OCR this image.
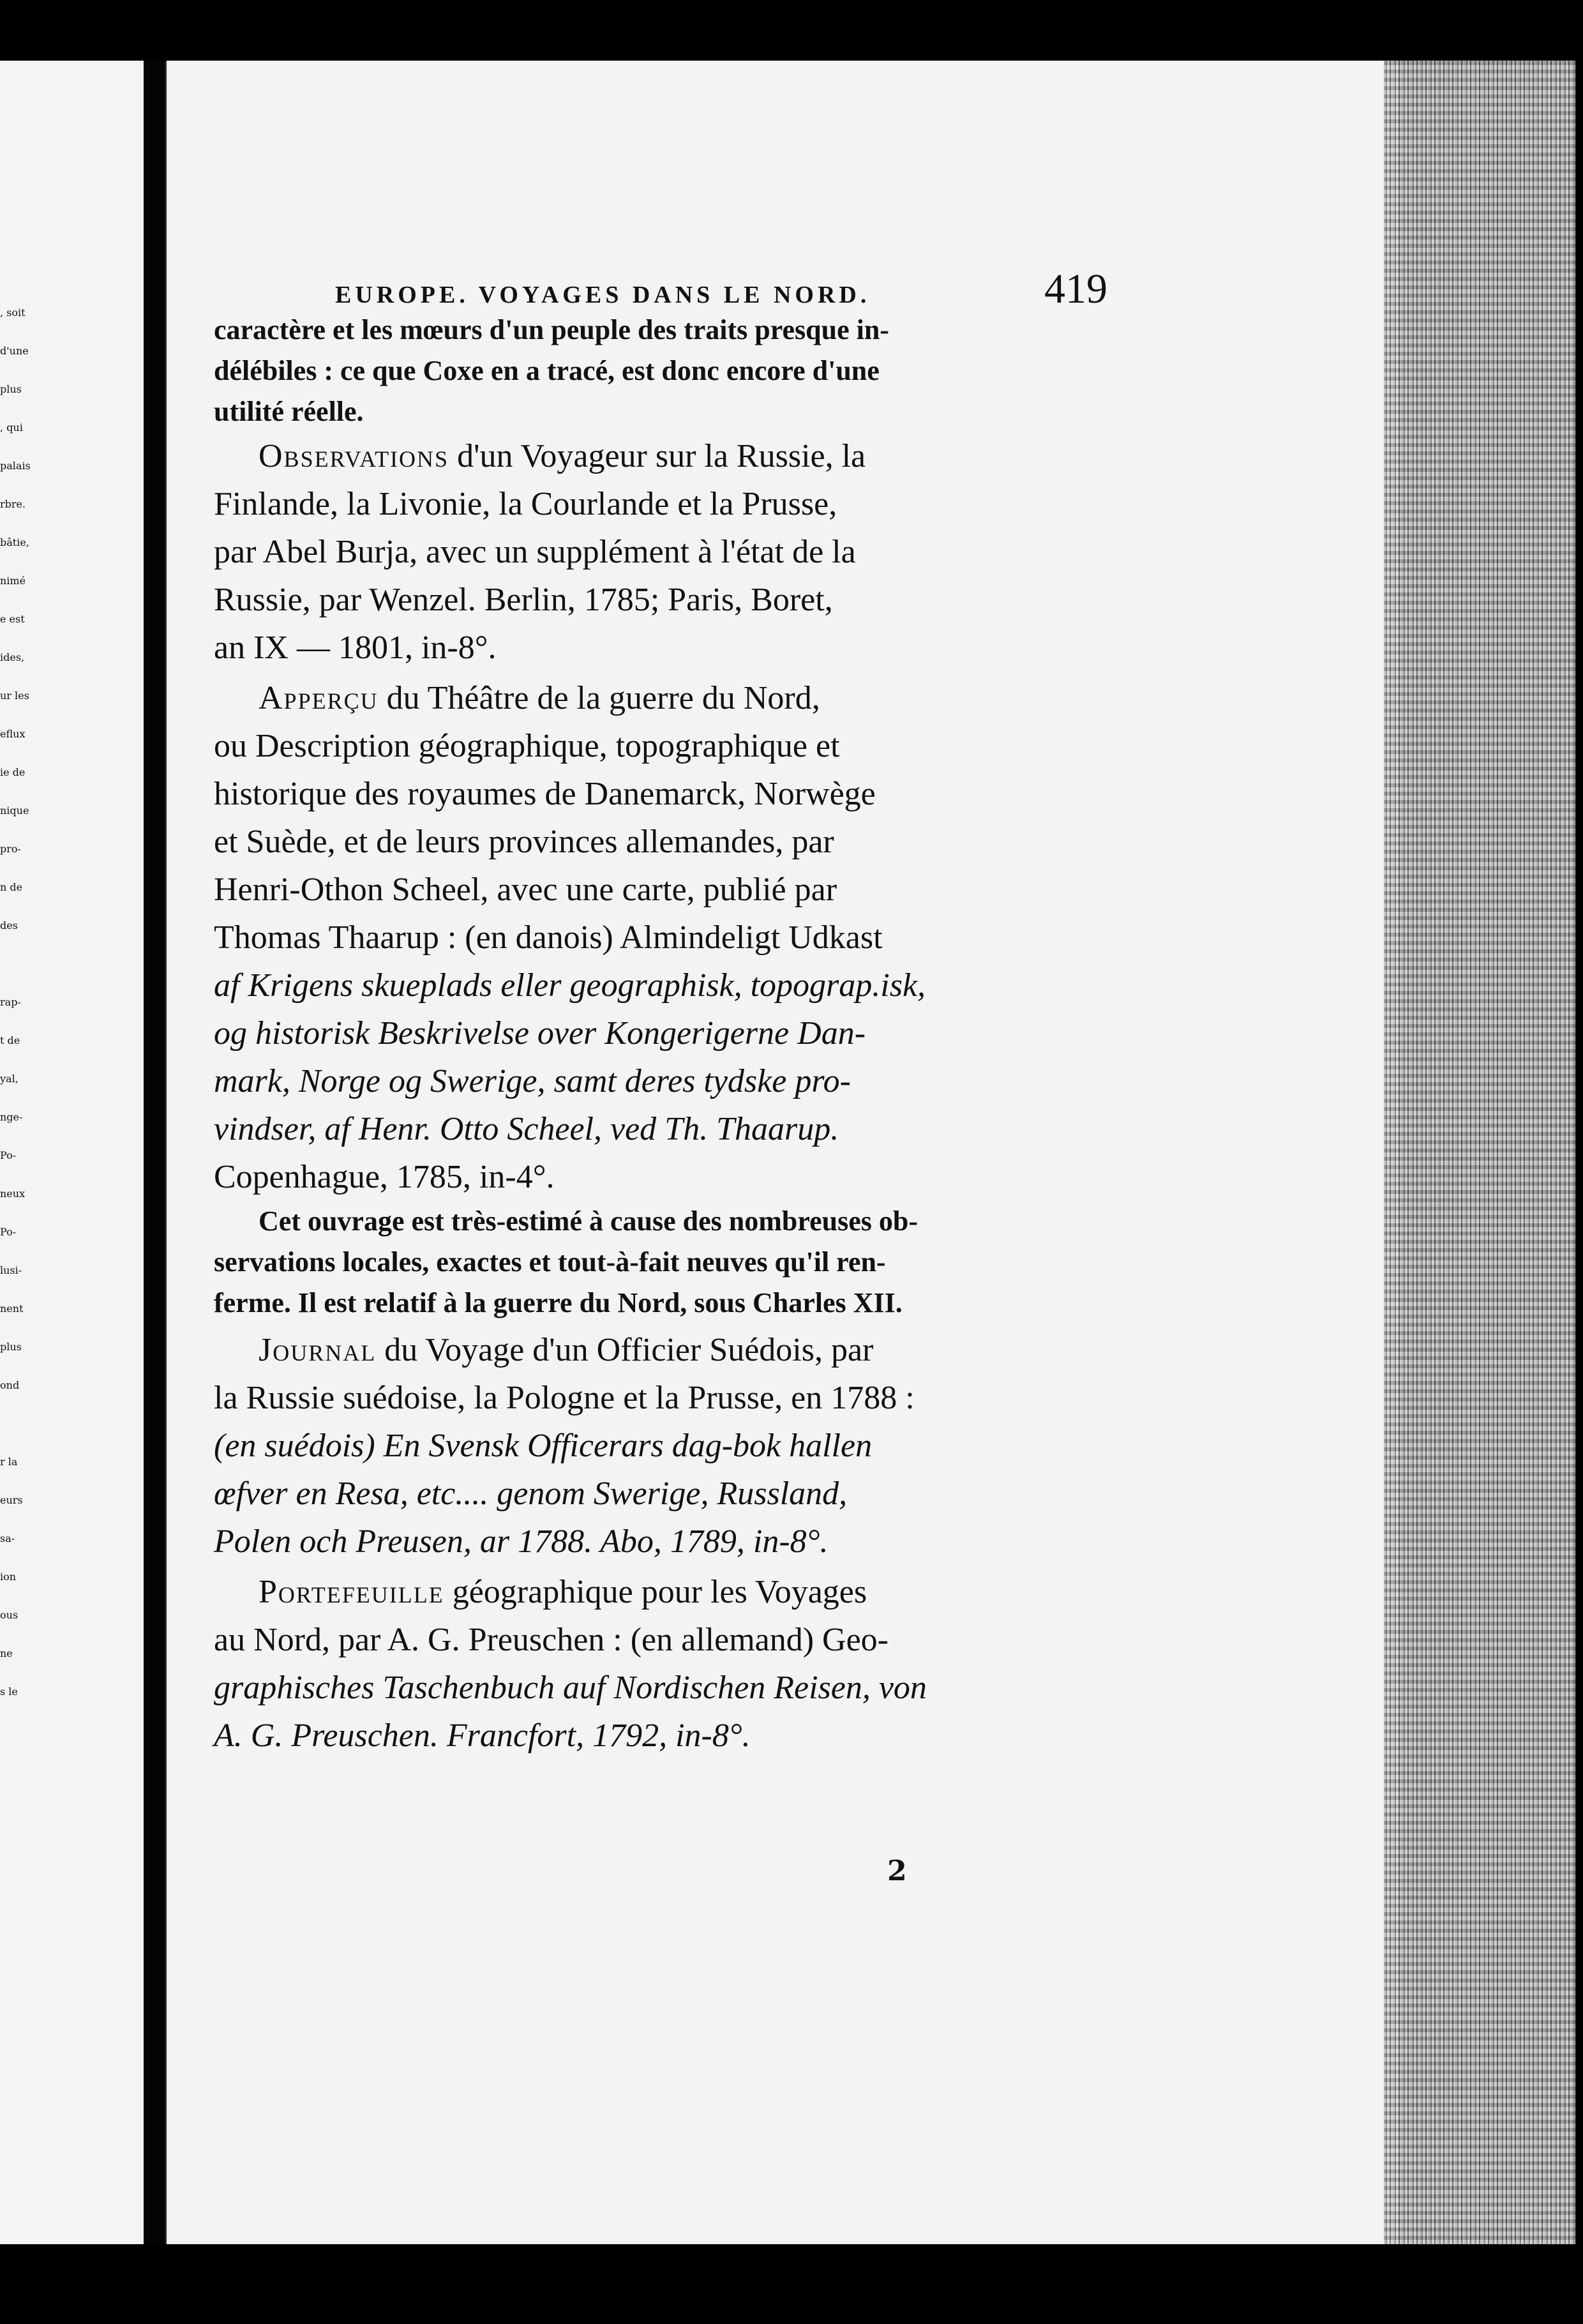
, soit
d'une
plus
, qui
palais
rbre.
bâtie,
nimé
e est
ides,
ur les
eflux
ie de
nique
pro-
n de
des
rap-
t de
yal,
nge-
Po-
neux
Po-
lusi-
nent
plus
ond
r la
eurs
sa-
ion
ous
ne
s le
EUROPE. VOYAGES DANS LE NORD.	419
caractère et les mœurs d'un peuple des traits presque in-
délébiles : ce que Coxe en a tracé, est donc encore d'une
utilité réelle.
Observations d'un Voyageur sur la Russie, la
Finlande, la Livonie, la Courlande et la Prusse,
par Abel Burja, avec un supplément à l'état de la
Russie, par Wenzel. Berlin, 1785; Paris, Boret,
an IX — 1801, in-8°.
Apperçu du Théâtre de la guerre du Nord,
ou Description géographique, topographique et
historique des royaumes de Danemarck, Norwège
et Suède, et de leurs provinces allemandes, par
Henri-Othon Scheel, avec une carte, publié par
Thomas Thaarup : (en danois) Almindeligt Udkast
af Krigens skueplads eller geographisk, topograp.isk,
og historisk Beskrivelse over Kongerigerne Dan-
mark, Norge og Swerige, samt deres tydske pro-
vindser, af Henr. Otto Scheel, ved Th. Thaarup.
Copenhague, 1785, in-4°.
Cet ouvrage est très-estimé à cause des nombreuses ob-
servations locales, exactes et tout-à-fait neuves qu'il ren-
ferme. Il est relatif à la guerre du Nord, sous Charles XII.
Journal du Voyage d'un Officier Suédois, par
la Russie suédoise, la Pologne et la Prusse, en 1788 :
(en suédois) En Svensk Officerars dag-bok hallen
œfver en Resa, etc.... genom Swerige, Russland,
Polen och Preusen, ar 1788. Abo, 1789, in-8°.
Portefeuille géographique pour les Voyages
au Nord, par A. G. Preuschen : (en allemand) Geo-
graphisches Taschenbuch auf Nordischen Reisen, von
A. G. Preuschen. Francfort, 1792, in-8°.
2
